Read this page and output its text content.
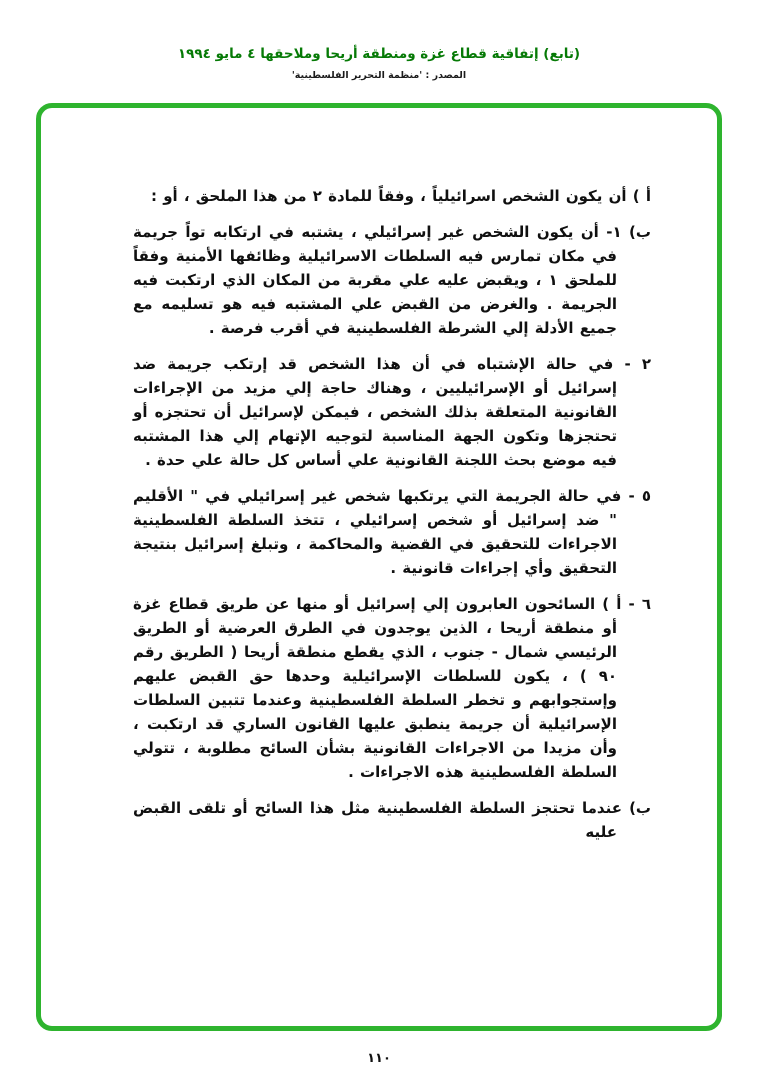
(تابع) إتفاقية قطاع غزة ومنطقة أريحا وملاحقها ٤ مايو ١٩٩٤
المصدر : 'منظمة التحرير الفلسطينية'

أ ) أن يكون الشخص اسرائيلياً ، وفقاً للمادة ٢ من هذا الملحق ، أو :

ب) ١- أن يكون الشخص غير إسرائيلي ، يشتبه في ارتكابه تواً جريمة في مكان تمارس فيه السلطات الاسرائيلية وظائفها الأمنية وفقاً للملحق ١ ، ويقبض عليه علي مقربة من المكان الذي ارتكبت فيه الجريمة . والغرض من القبض علي المشتبه فيه هو تسليمه مع جميع الأدلة إلي الشرطة الفلسطينية في أقرب فرصة .

٢ - في حالة الإشتباه في أن هذا الشخص قد إرتكب جريمة ضد إسرائيل أو الإسرائيليين ، وهناك حاجة إلي مزيد من الإجراءات القانونية المتعلقة بذلك الشخص ، فيمكن لإسرائيل أن تحتجزه أو تحتجزها وتكون الجهة المناسبة لتوجيه الإتهام إلي هذا المشتبه فيه موضع بحث اللجنة القانونية علي أساس كل حالة علي حدة .

٥ - في حالة الجريمة التي يرتكبها شخص غير إسرائيلي في " الأقليم " ضد إسرائيل أو شخص إسرائيلي ، تتخذ السلطة الفلسطينية الاجراءات للتحقيق في القضية والمحاكمة ، وتبلغ إسرائيل بنتيجة التحقيق وأي إجراءات قانونية .

٦ - أ ) السائحون العابرون إلي إسرائيل أو منها عن طريق قطاع غزة أو منطقة أريحا ، الذين يوجدون في الطرق العرضية أو الطريق الرئيسي شمال - جنوب ، الذي يقطع منطقة أريحا ( الطريق رقم ٩٠ ) ، يكون للسلطات الإسرائيلية وحدها حق القبض عليهم وإستجوابهم و تخطر السلطة الفلسطينية وعندما تتبين السلطات الإسرائيلية أن جريمة ينطبق عليها القانون الساري قد ارتكبت ، وأن مزيدا من الاجراءات القانونية بشأن السائح مطلوبة ، تتولي السلطة الفلسطينية هذه الاجراءات .

ب) عندما تحتجز السلطة الفلسطينية مثل هذا السائح أو تلقى القبض عليه

١١٠
